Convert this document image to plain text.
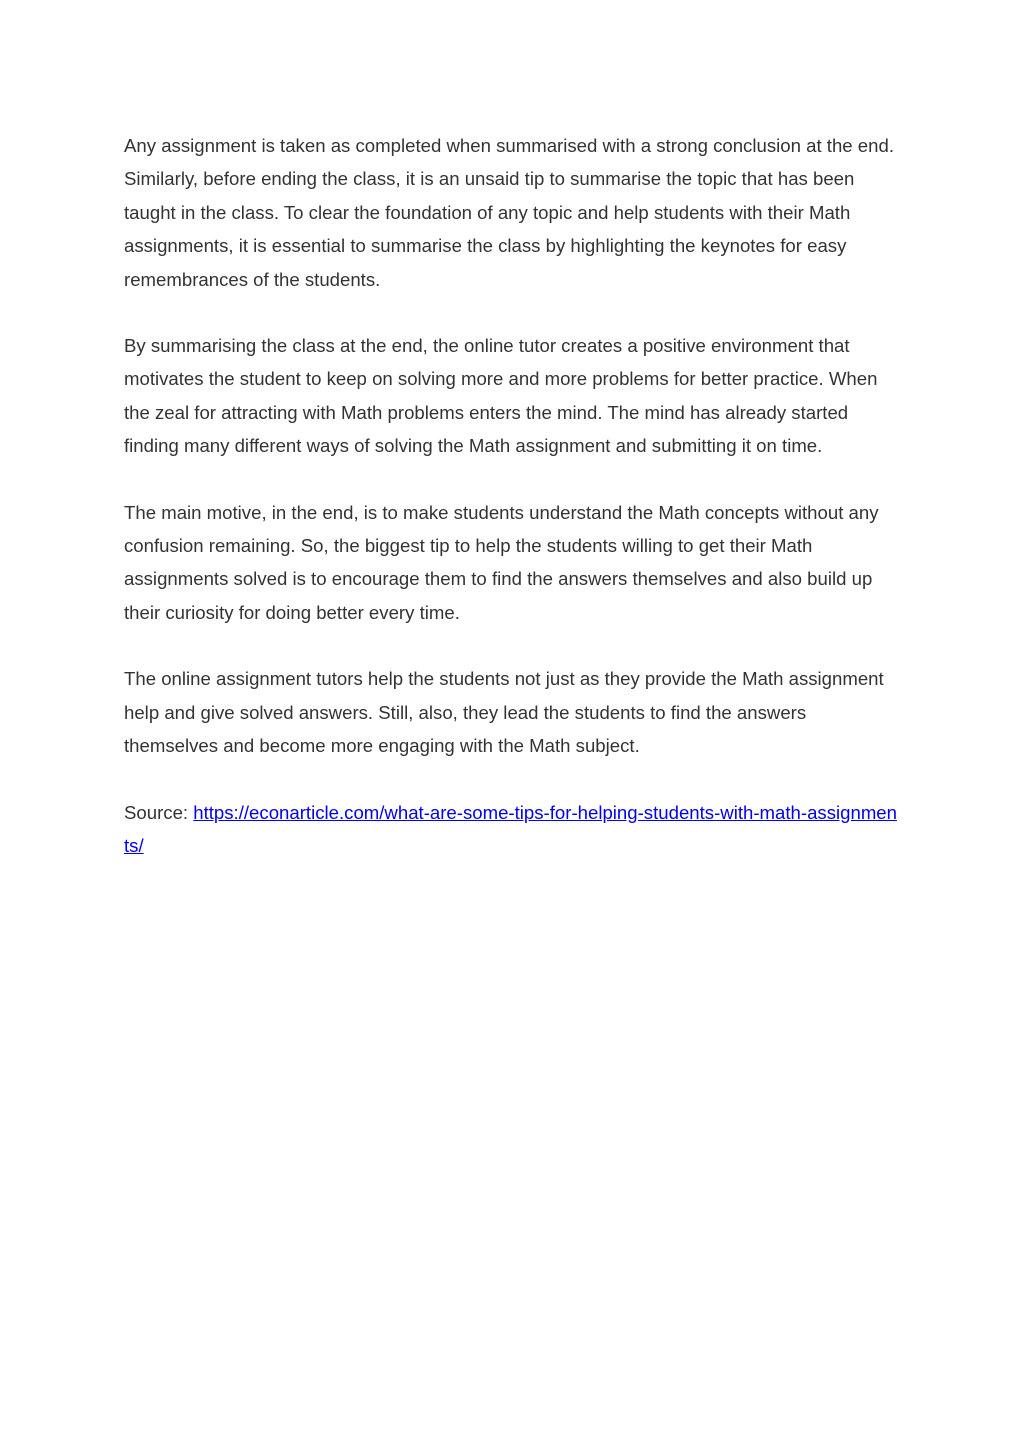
Any assignment is taken as completed when summarised with a strong conclusion at the end. Similarly, before ending the class, it is an unsaid tip to summarise the topic that has been taught in the class. To clear the foundation of any topic and help students with their Math assignments, it is essential to summarise the class by highlighting the keynotes for easy remembrances of the students.

By summarising the class at the end, the online tutor creates a positive environment that motivates the student to keep on solving more and more problems for better practice. When the zeal for attracting with Math problems enters the mind. The mind has already started finding many different ways of solving the Math assignment and submitting it on time.

The main motive, in the end, is to make students understand the Math concepts without any confusion remaining. So, the biggest tip to help the students willing to get their Math assignments solved is to encourage them to find the answers themselves and also build up their curiosity for doing better every time.

The online assignment tutors help the students not just as they provide the Math assignment help and give solved answers. Still, also, they lead the students to find the answers themselves and become more engaging with the Math subject.

Source: https://econarticle.com/what-are-some-tips-for-helping-students-with-math-assignments/
